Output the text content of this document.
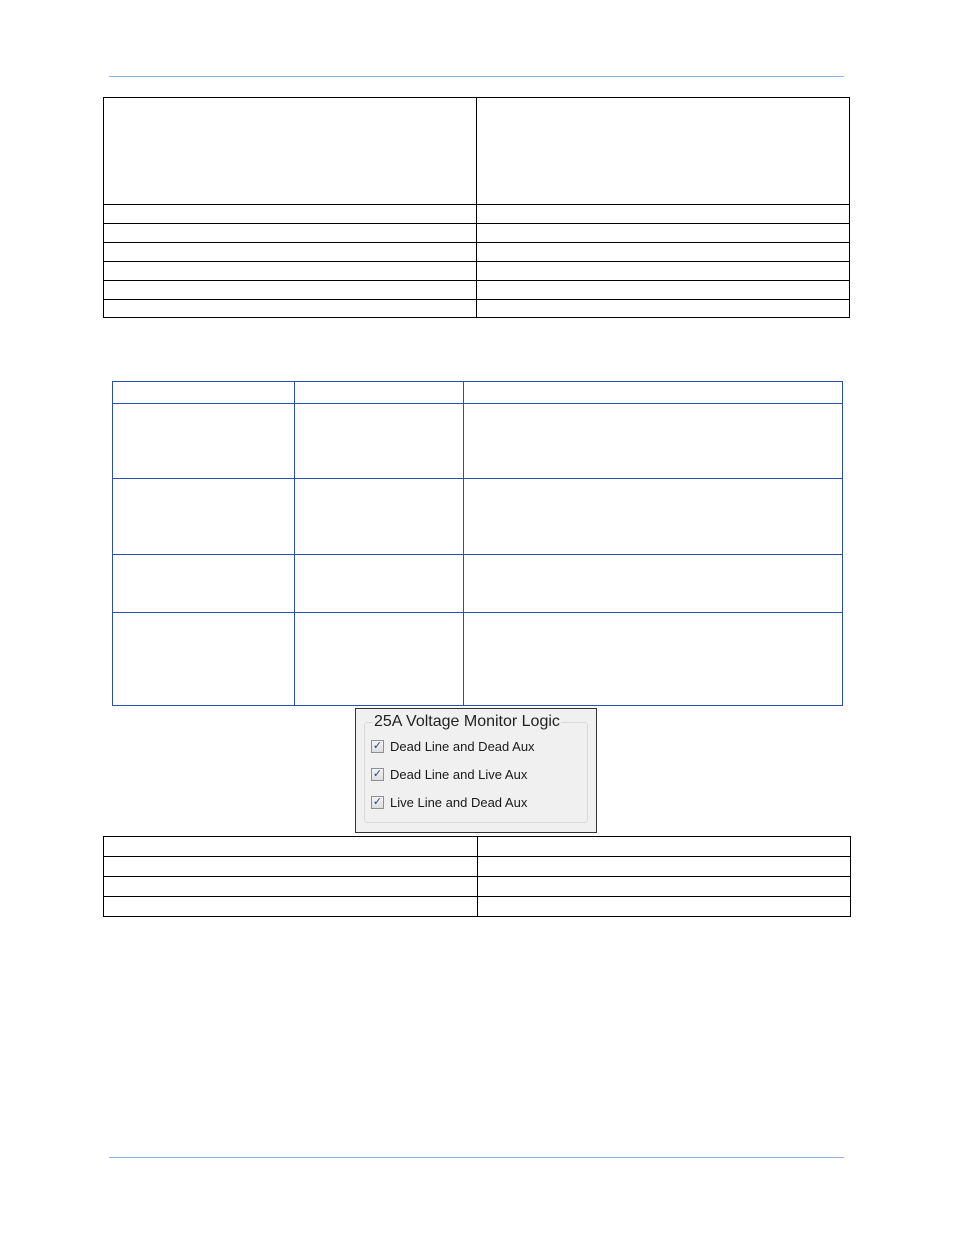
25A Voltage Monitor Logic
✓ Dead Line and Dead Aux
✓ Dead Line and Live Aux
✓ Live Line and Dead Aux
